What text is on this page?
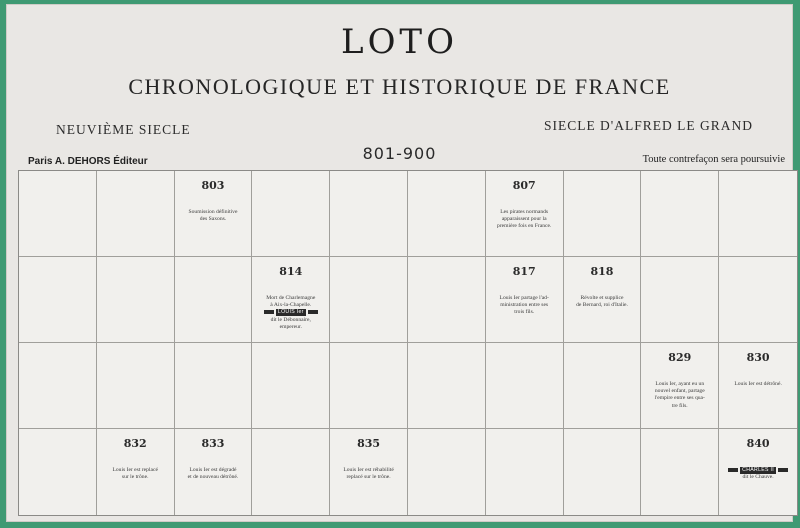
LOTO
CHRONOLOGIQUE ET HISTORIQUE DE FRANCE
NEUVIÈME SIECLE	SIECLE D'ALFRED LE GRAND
801-900
Paris A. DEHORS Éditeur	Toute contrefaçon sera poursuivie
803
Soumission définitive
des Saxons.
807
Les pirates normands
apparaissent pour la
première fois en France.
814
Mort de Charlemagne
à Aix-la-Chapelle.
LOUIS Ier
dit le Débonnaire,
empereur.
817
Louis Ier partage l'ad-
ministration entre ses
trois fils.
818
Révolte et supplice
de Bernard, roi d'Italie.
829
Louis Ier, ayant eu un
nouvel enfant, partage
l'empire entre ses qua-
tre fils.
830
Louis Ier est détrôné.
832
Louis Ier est replacé
sur le trône.
833
Louis Ier est dégradé
et de nouveau détrôné.
835
Louis Ier est réhabilité
replacé sur le trône.
840
CHARLES II
dit le Chauve.
